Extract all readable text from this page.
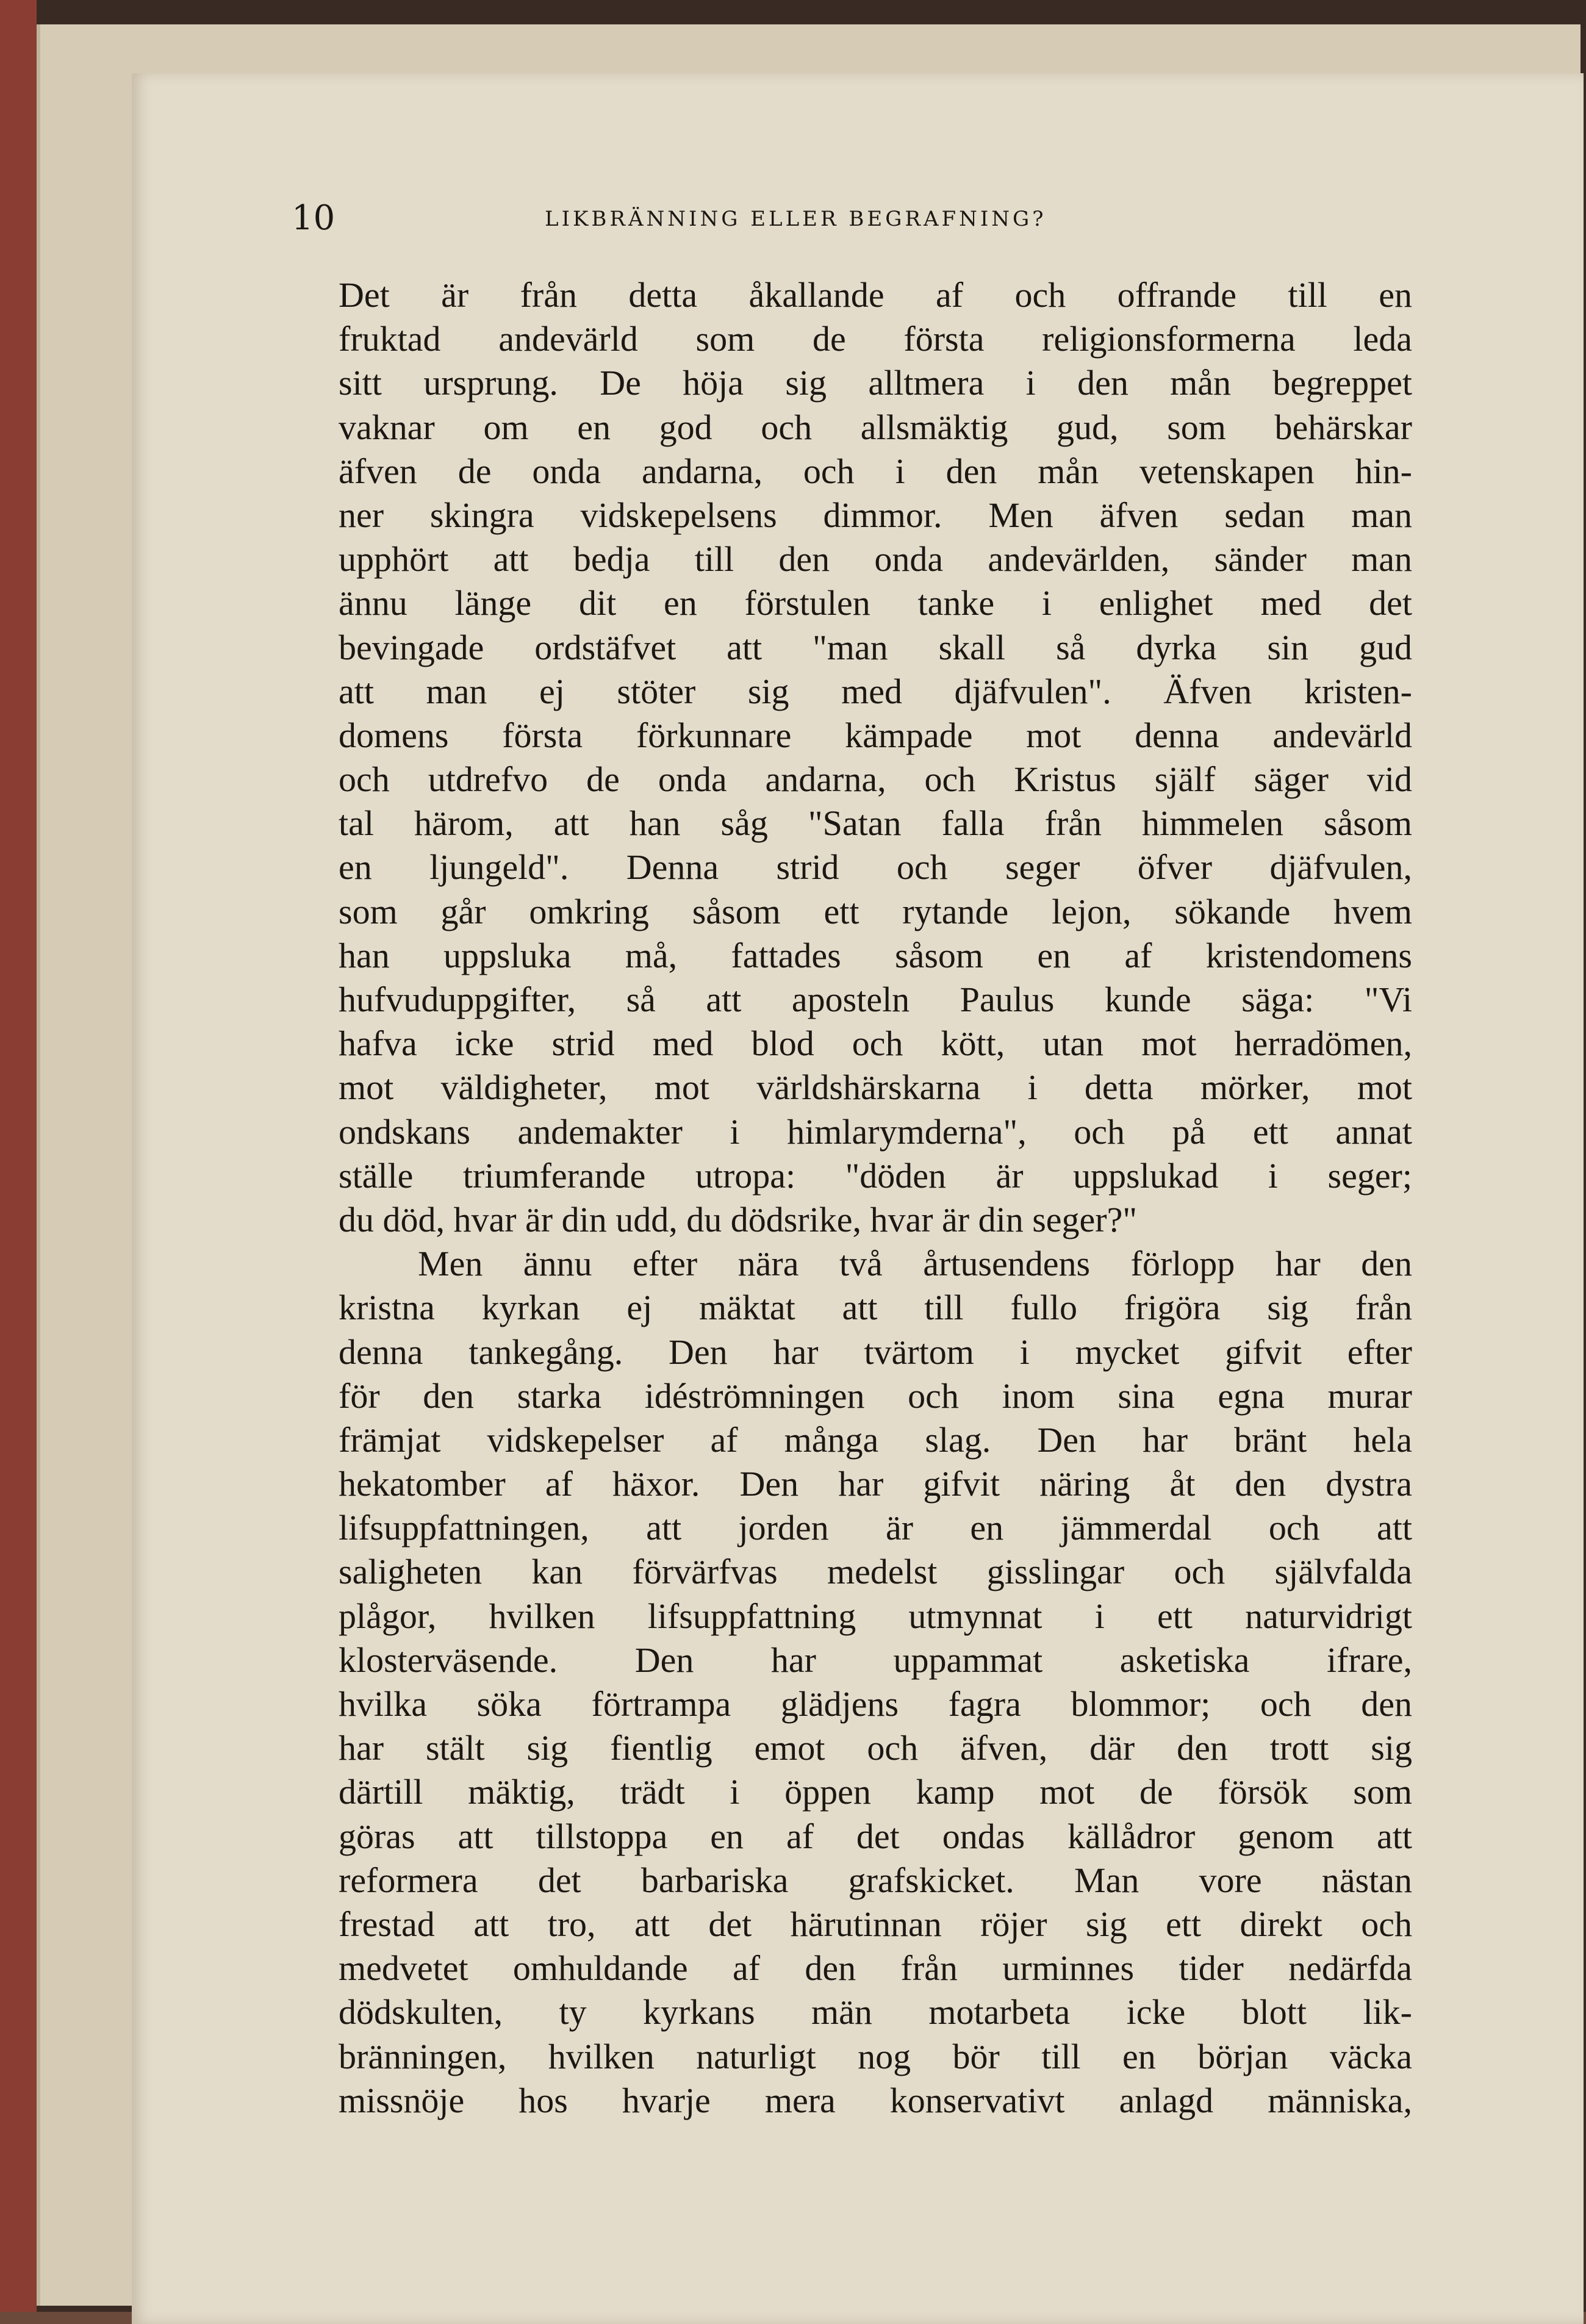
10	LIKBRÄNNING ELLER BEGRAFNING?
Det är från detta åkallande af och offrande till en
fruktad andevärld som de första religionsformerna leda
sitt ursprung. De höja sig alltmera i den mån begreppet
vaknar om en god och allsmäktig gud, som behärskar
äfven de onda andarna, och i den mån vetenskapen hin-
ner skingra vidskepelsens dimmor. Men äfven sedan man
upphört att bedja till den onda andevärlden, sänder man
ännu länge dit en förstulen tanke i enlighet med det
bevingade ordstäfvet att "man skall så dyrka sin gud
att man ej stöter sig med djäfvulen". Äfven kristen-
domens första förkunnare kämpade mot denna andevärld
och utdrefvo de onda andarna, och Kristus själf säger vid
tal härom, att han såg "Satan falla från himmelen såsom
en ljungeld". Denna strid och seger öfver djäfvulen,
som går omkring såsom ett rytande lejon, sökande hvem
han uppsluka må, fattades såsom en af kristendomens
hufvuduppgifter, så att aposteln Paulus kunde säga: "Vi
hafva icke strid med blod och kött, utan mot herradömen,
mot väldigheter, mot världshärskarna i detta mörker, mot
ondskans andemakter i himlarymderna", och på ett annat
ställe triumferande utropa: "döden är uppslukad i seger;
du död, hvar är din udd, du dödsrike, hvar är din seger?"
Men ännu efter nära två årtusendens förlopp har den
kristna kyrkan ej mäktat att till fullo frigöra sig från
denna tankegång. Den har tvärtom i mycket gifvit efter
för den starka idéströmningen och inom sina egna murar
främjat vidskepelser af många slag. Den har bränt hela
hekatomber af häxor. Den har gifvit näring åt den dystra
lifsuppfattningen, att jorden är en jämmerdal och att
saligheten kan förvärfvas medelst gisslingar och självfalda
plågor, hvilken lifsuppfattning utmynnat i ett naturvidrigt
klosterväsende. Den har uppammat asketiska ifrare,
hvilka söka förtrampa glädjens fagra blommor; och den
har stält sig fientlig emot och äfven, där den trott sig
därtill mäktig, trädt i öppen kamp mot de försök som
göras att tillstoppa en af det ondas källådror genom att
reformera det barbariska grafskicket. Man vore nästan
frestad att tro, att det härutinnan röjer sig ett direkt och
medvetet omhuldande af den från urminnes tider nedärfda
dödskulten, ty kyrkans män motarbeta icke blott lik-
bränningen, hvilken naturligt nog bör till en början väcka
missnöje hos hvarje mera konservativt anlagd människa,
